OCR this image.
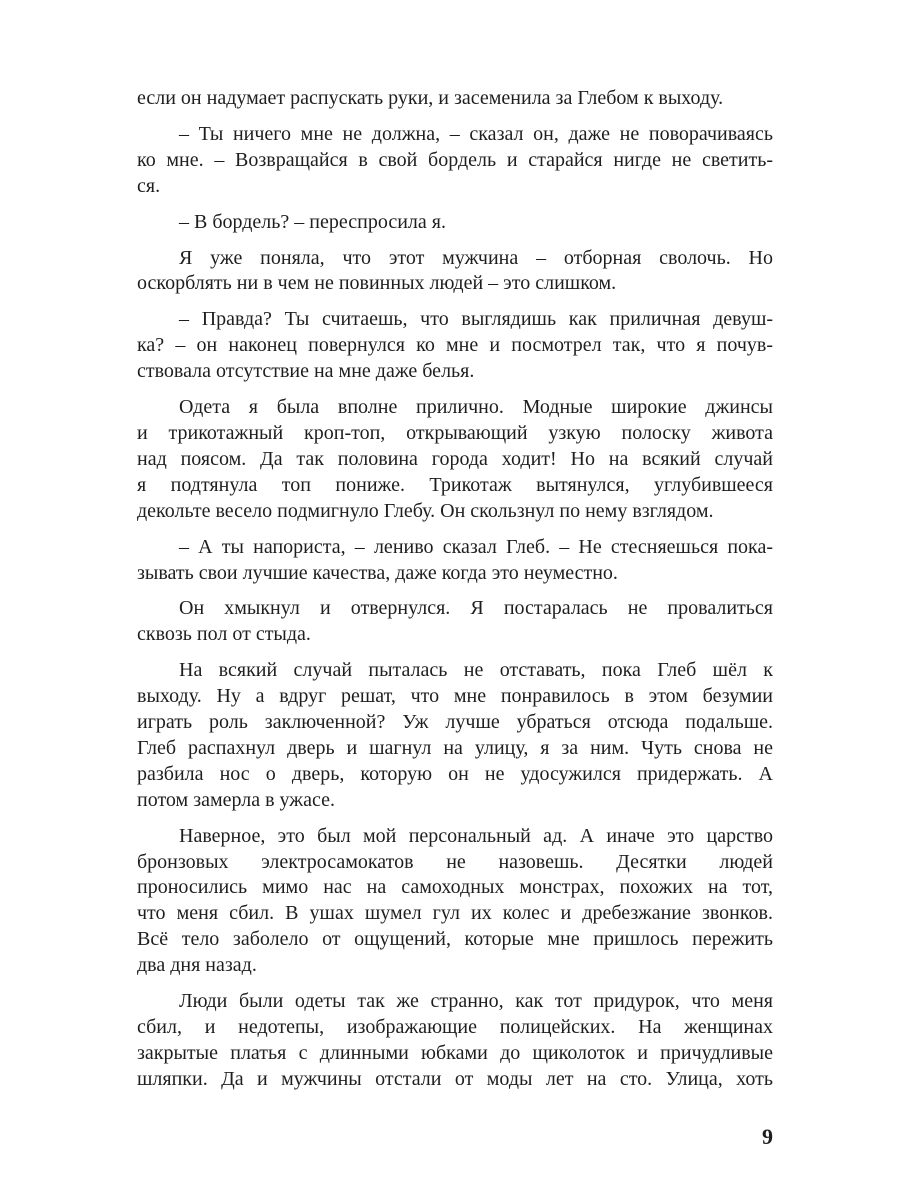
если он надумает распускать руки, и засеменила за Глебом к выходу.

– Ты ничего мне не должна, – сказал он, даже не поворачиваясь
ко мне. – Возвращайся в свой бордель и старайся нигде не светить-
ся.

– В бордель? – переспросила я.

Я уже поняла, что этот мужчина – отборная сволочь. Но
оскорблять ни в чем не повинных людей – это слишком.

– Правда? Ты считаешь, что выглядишь как приличная девуш-
ка? – он наконец повернулся ко мне и посмотрел так, что я почув-
ствовала отсутствие на мне даже белья.

Одета я была вполне прилично. Модные широкие джинсы
и трикотажный кроп-топ, открывающий узкую полоску живота
над поясом. Да так половина города ходит! Но на всякий случай
я подтянула топ пониже. Трикотаж вытянулся, углубившееся
декольте весело подмигнуло Глебу. Он скользнул по нему взглядом.

– А ты напориста, – лениво сказал Глеб. – Не стесняешься пока-
зывать свои лучшие качества, даже когда это неуместно.

Он хмыкнул и отвернулся. Я постаралась не провалиться
сквозь пол от стыда.

На всякий случай пыталась не отставать, пока Глеб шёл к
выходу. Ну а вдруг решат, что мне понравилось в этом безумии
играть роль заключенной? Уж лучше убраться отсюда подальше.
Глеб распахнул дверь и шагнул на улицу, я за ним. Чуть снова не
разбила нос о дверь, которую он не удосужился придержать. А
потом замерла в ужасе.

Наверное, это был мой персональный ад. А иначе это царство
бронзовых электросамокатов не назовешь. Десятки людей
проносились мимо нас на самоходных монстрах, похожих на тот,
что меня сбил. В ушах шумел гул их колес и дребезжание звонков.
Всё тело заболело от ощущений, которые мне пришлось пережить
два дня назад.

Люди были одеты так же странно, как тот придурок, что меня
сбил, и недотепы, изображающие полицейских. На женщинах
закрытые платья с длинными юбками до щиколоток и причудливые
шляпки. Да и мужчины отстали от моды лет на сто. Улица, хоть

9
